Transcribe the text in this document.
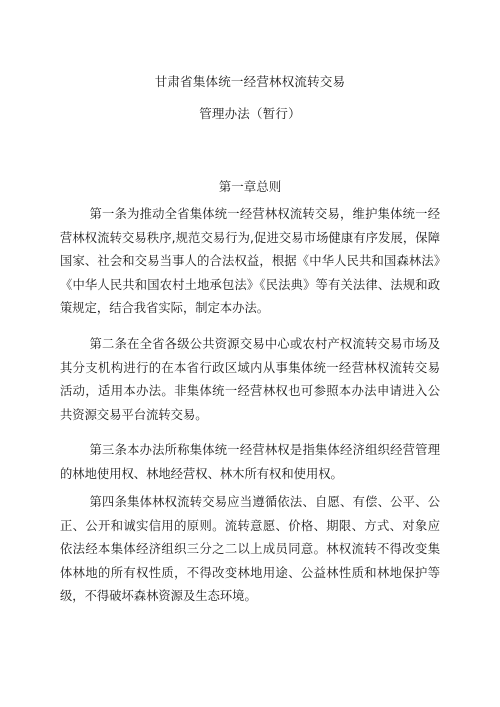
甘肃省集体统一经营林权流转交易
管理办法（暂行）
第一章总则

第一条为推动全省集体统一经营林权流转交易，维护集体统一经营林权流转交易秩序,规范交易行为,促进交易市场健康有序发展，保障国家、社会和交易当事人的合法权益，根据《中华人民共和国森林法》《中华人民共和国农村土地承包法》《民法典》等有关法律、法规和政策规定，结合我省实际，制定本办法。

第二条在全省各级公共资源交易中心或农村产权流转交易市场及其分支机构进行的在本省行政区域内从事集体统一经营林权流转交易活动，适用本办法。非集体统一经营林权也可参照本办法申请进入公共资源交易平台流转交易。

第三条本办法所称集体统一经营林权是指集体经济组织经营管理的林地使用权、林地经营权、林木所有权和使用权。

第四条集体林权流转交易应当遵循依法、自愿、有偿、公平、公正、公开和诚实信用的原则。流转意愿、价格、期限、方式、对象应依法经本集体经济组织三分之二以上成员同意。林权流转不得改变集体林地的所有权性质，不得改变林地用途、公益林性质和林地保护等级，不得破坏森林资源及生态环境。
